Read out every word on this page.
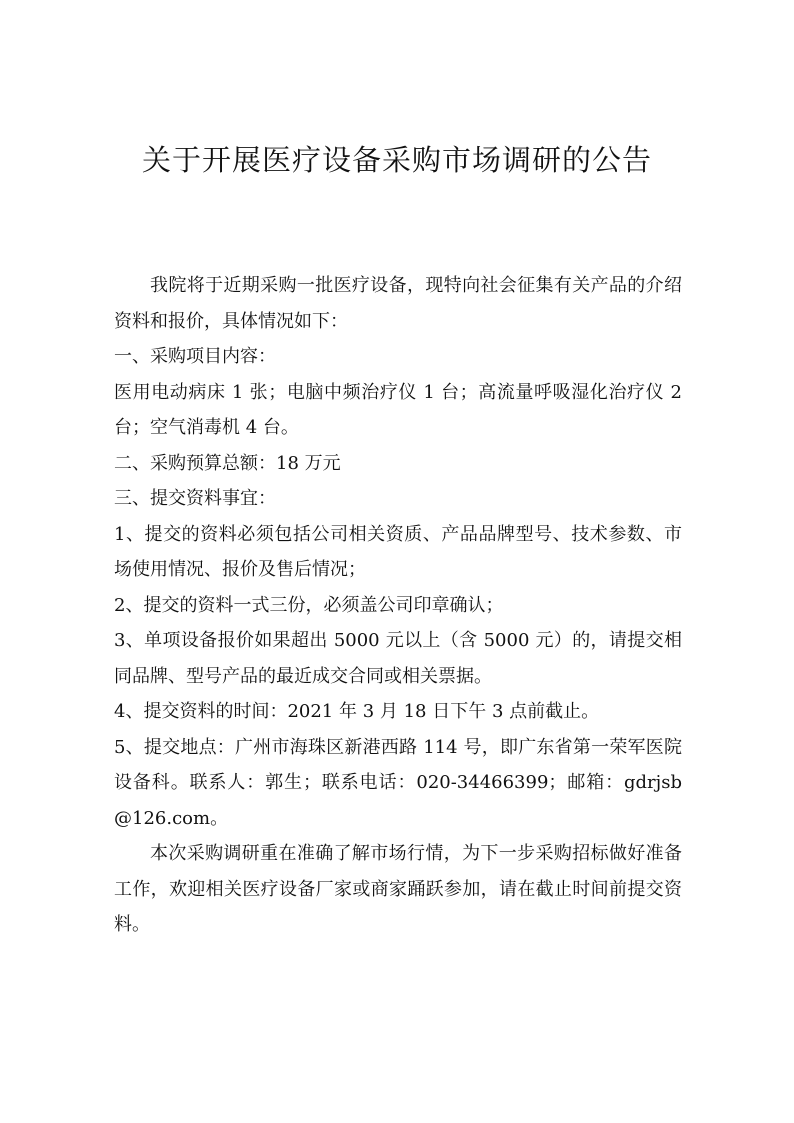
关于开展医疗设备采购市场调研的公告

我院将于近期采购一批医疗设备，现特向社会征集有关产品的介绍资料和报价，具体情况如下：

一、采购项目内容：

医用电动病床 1 张；电脑中频治疗仪 1 台；高流量呼吸湿化治疗仪 2 台；空气消毒机 4 台。

二、采购预算总额：18 万元

三、提交资料事宜：

1、提交的资料必须包括公司相关资质、产品品牌型号、技术参数、市场使用情况、报价及售后情况；

2、提交的资料一式三份，必须盖公司印章确认；

3、单项设备报价如果超出 5000 元以上（含 5000 元）的，请提交相同品牌、型号产品的最近成交合同或相关票据。

4、提交资料的时间：2021 年 3 月 18 日下午 3 点前截止。

5、提交地点：广州市海珠区新港西路 114 号，即广东省第一荣军医院设备科。联系人：郭生；联系电话：020-34466399；邮箱：gdrjsb@126.com。

本次采购调研重在准确了解市场行情，为下一步采购招标做好准备工作，欢迎相关医疗设备厂家或商家踊跃参加，请在截止时间前提交资料。
